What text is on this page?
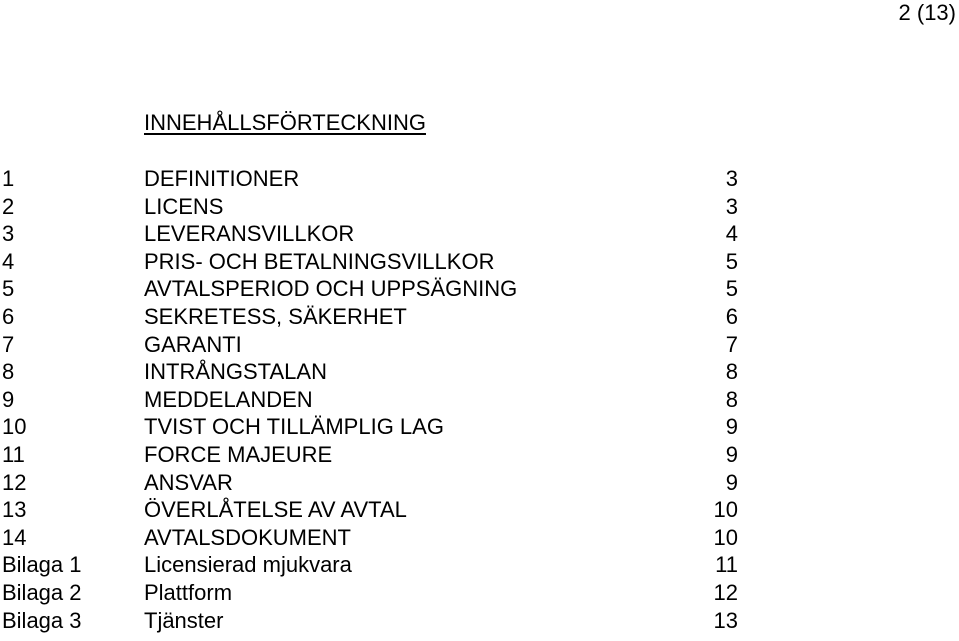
2 (13)
INNEHÅLLSFÖRTECKNING
1	DEFINITIONER	3
2	LICENS	3
3	LEVERANSVILLKOR	4
4	PRIS- OCH BETALNINGSVILLKOR	5
5	AVTALSPERIOD OCH UPPSÄGNING	5
6	SEKRETESS, SÄKERHET	6
7	GARANTI	7
8	INTRÅNGSTALAN	8
9	MEDDELANDEN	8
10	TVIST OCH TILLÄMPLIG LAG	9
11	FORCE MAJEURE	9
12	ANSVAR	9
13	ÖVERLÅTELSE AV AVTAL	10
14	AVTALSDOKUMENT	10
Bilaga 1	Licensierad mjukvara	11
Bilaga 2	Plattform	12
Bilaga 3	Tjänster	13
